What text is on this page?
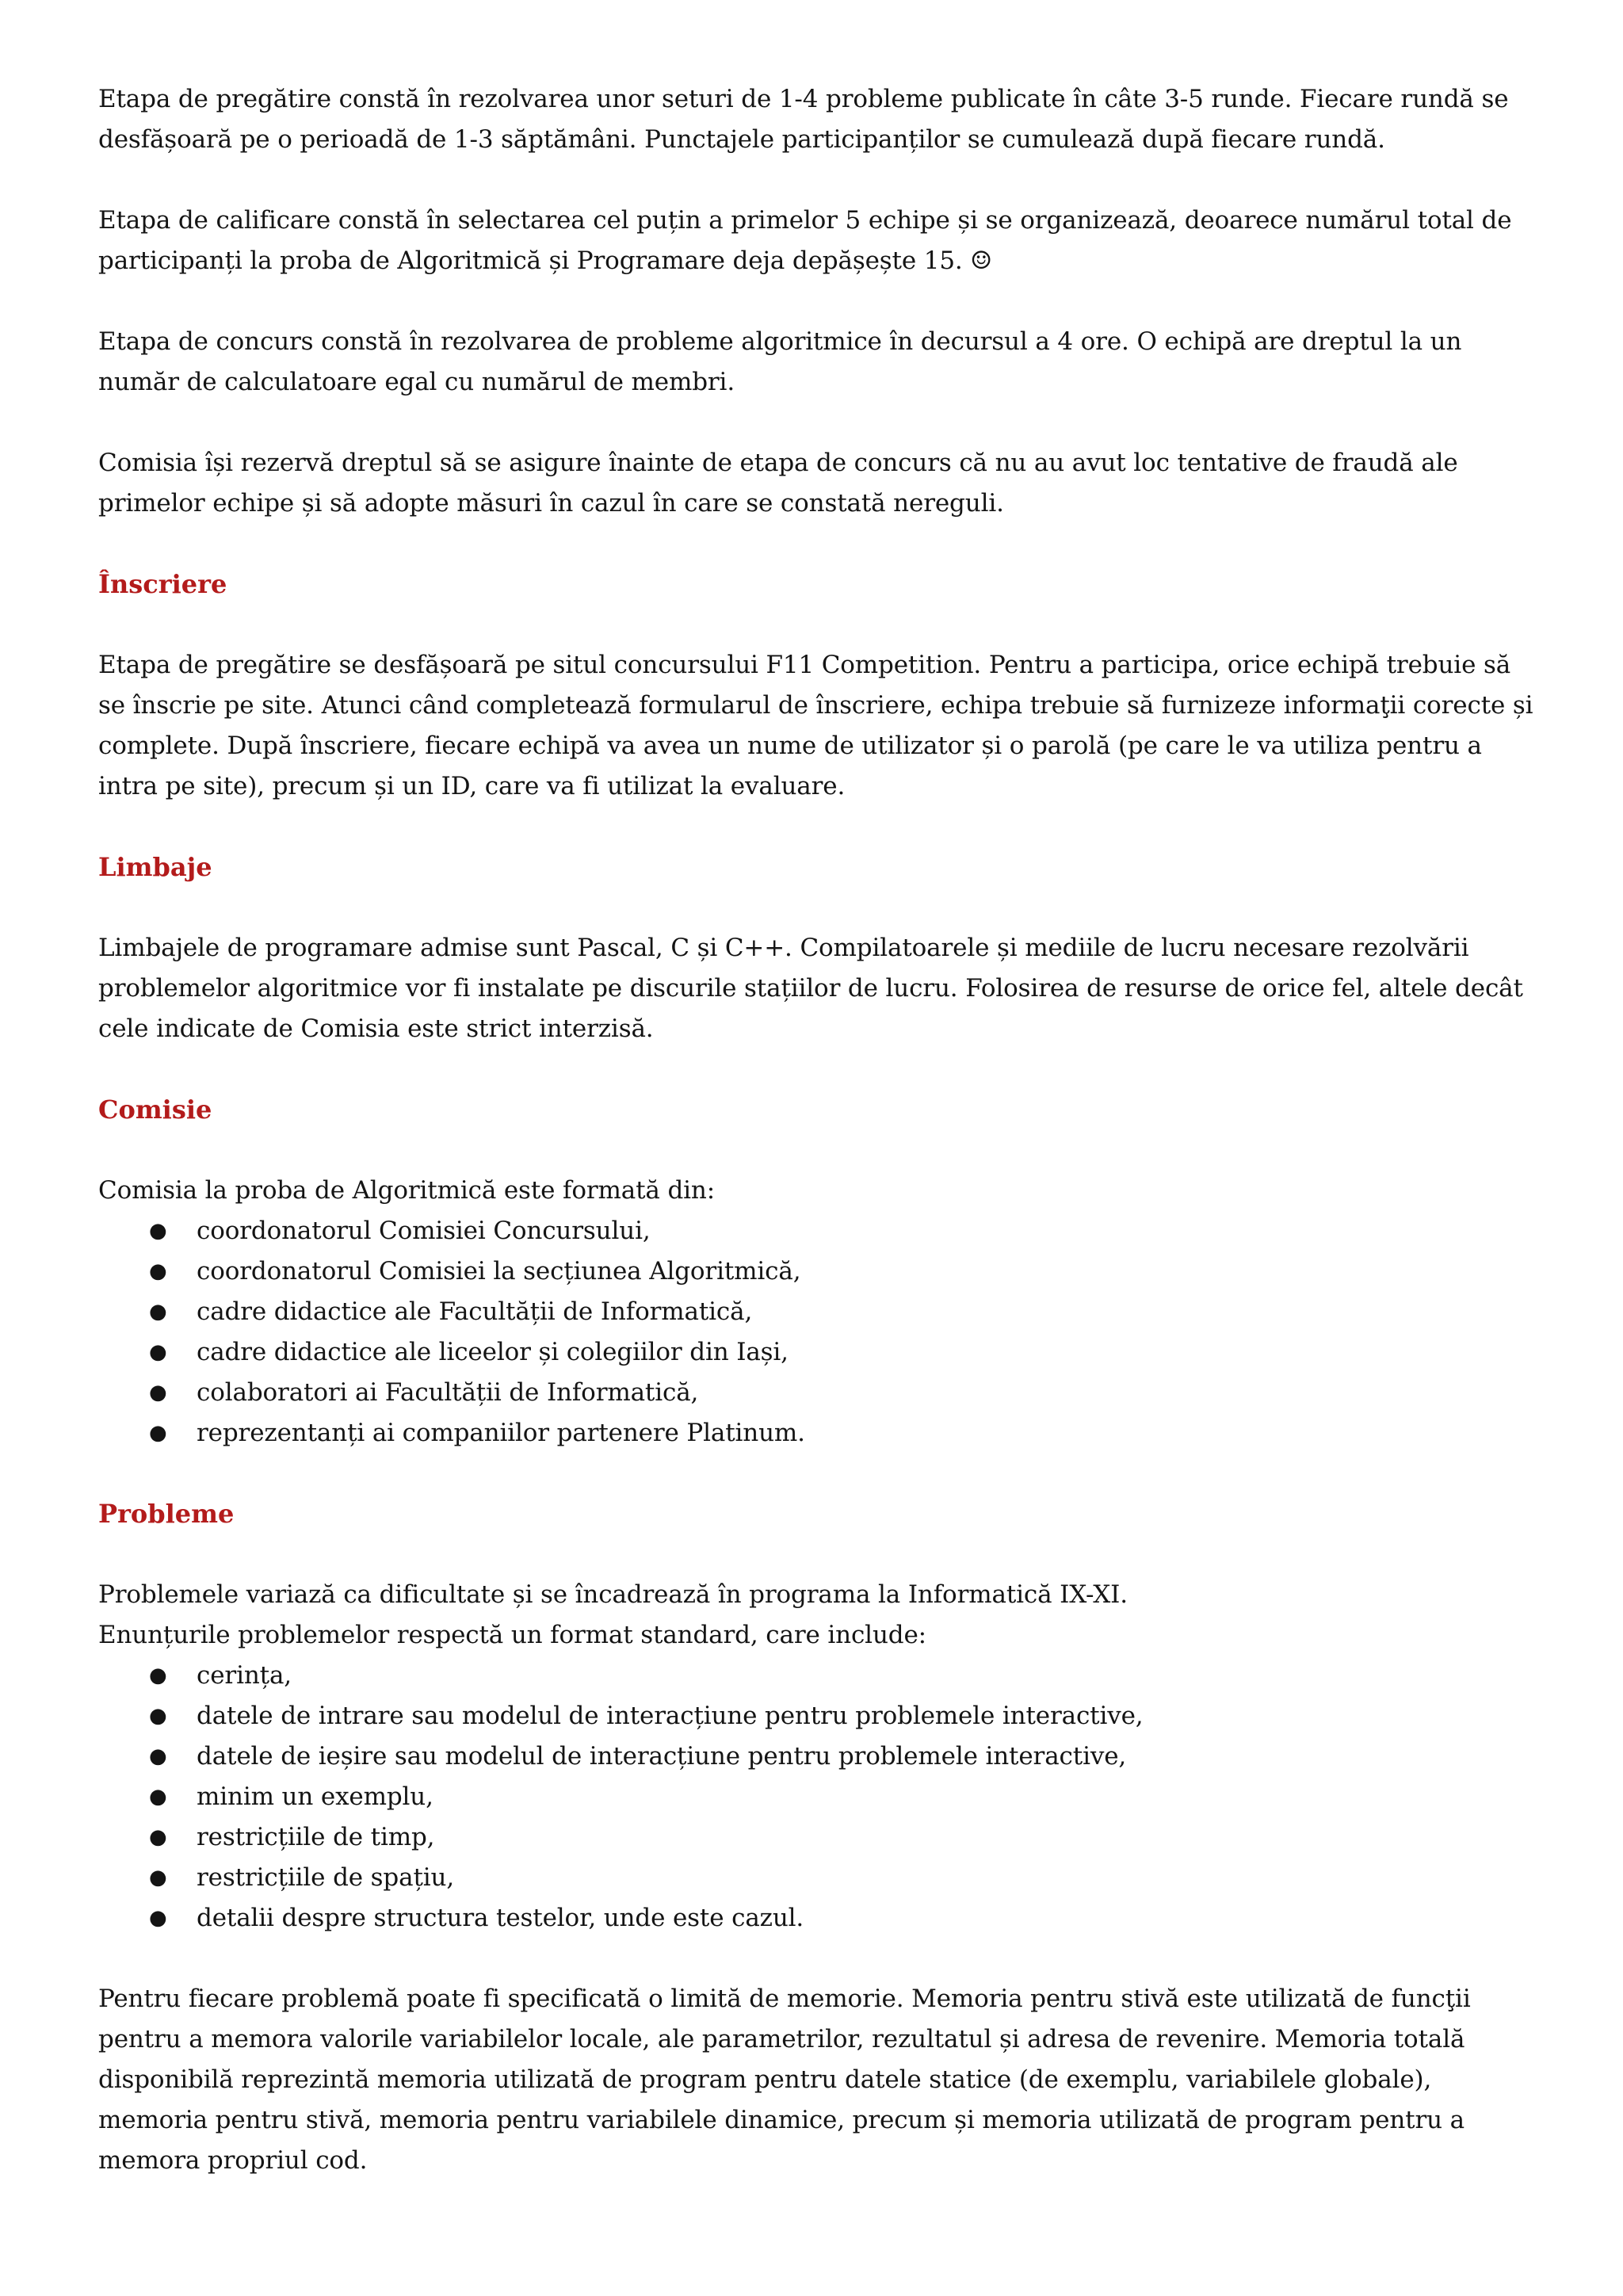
Etapa de pregătire constă în rezolvarea unor seturi de 1-4 probleme publicate în câte 3-5 runde. Fiecare rundă se desfășoară pe o perioadă de 1-3 săptămâni. Punctajele participanților se cumulează după fiecare rundă.

Etapa de calificare constă în selectarea cel puțin a primelor 5 echipe și se organizează, deoarece numărul total de participanți la proba de Algoritmică și Programare deja depășește 15. ☺

Etapa de concurs constă în rezolvarea de probleme algoritmice în decursul a 4 ore. O echipă are dreptul la un număr de calculatoare egal cu numărul de membri.

Comisia își rezervă dreptul să se asigure înainte de etapa de concurs că nu au avut loc tentative de fraudă ale primelor echipe și să adopte măsuri în cazul în care se constată nereguli.

Înscriere

Etapa de pregătire se desfășoară pe situl concursului F11 Competition. Pentru a participa, orice echipă trebuie să se înscrie pe site. Atunci când completează formularul de înscriere, echipa trebuie să furnizeze informaţii corecte și complete. După înscriere, fiecare echipă va avea un nume de utilizator și o parolă (pe care le va utiliza pentru a intra pe site), precum și un ID, care va fi utilizat la evaluare.

Limbaje

Limbajele de programare admise sunt Pascal, C și C++. Compilatoarele și mediile de lucru necesare rezolvării problemelor algoritmice vor fi instalate pe discurile stațiilor de lucru. Folosirea de resurse de orice fel, altele decât cele indicate de Comisia este strict interzisă.

Comisie

Comisia la proba de Algoritmică este formată din:

● coordonatorul Comisiei Concursului,
● coordonatorul Comisiei la secțiunea Algoritmică,
● cadre didactice ale Facultății de Informatică,
● cadre didactice ale liceelor și colegiilor din Iași,
● colaboratori ai Facultății de Informatică,
● reprezentanți ai companiilor partenere Platinum.
Probleme

Problemele variază ca dificultate și se încadrează în programa la Informatică IX-XI.

Enunțurile problemelor respectă un format standard, care include:

● cerința,
● datele de intrare sau modelul de interacțiune pentru problemele interactive,
● datele de ieșire sau modelul de interacțiune pentru problemele interactive,
● minim un exemplu,
● restricțiile de timp,
● restricțiile de spațiu,
● detalii despre structura testelor, unde este cazul.

Pentru fiecare problemă poate fi specificată o limită de memorie. Memoria pentru stivă este utilizată de funcţii pentru a memora valorile variabilelor locale, ale parametrilor, rezultatul și adresa de revenire. Memoria totală disponibilă reprezintă memoria utilizată de program pentru datele statice (de exemplu, variabilele globale), memoria pentru stivă, memoria pentru variabilele dinamice, precum și memoria utilizată de program pentru a memora propriul cod.
